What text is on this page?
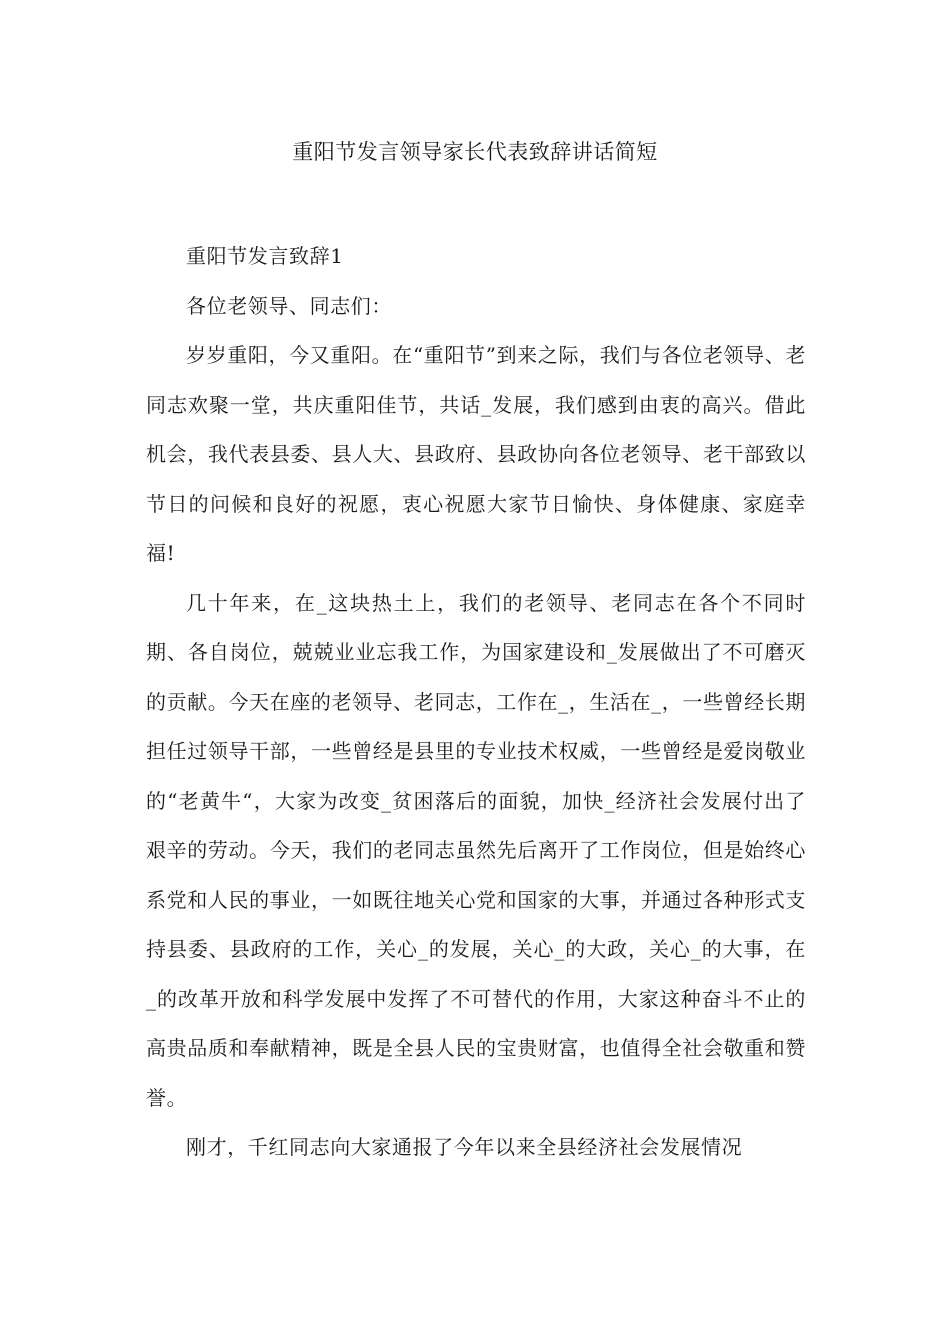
重阳节发言领导家长代表致辞讲话简短

重阳节发言致辞1

各位老领导、同志们：

岁岁重阳，今又重阳。在“重阳节”到来之际，我们与各位老领导、老同志欢聚一堂，共庆重阳佳节，共话_发展，我们感到由衷的高兴。借此机会，我代表县委、县人大、县政府、县政协向各位老领导、老干部致以节日的问候和良好的祝愿，衷心祝愿大家节日愉快、身体健康、家庭幸福!

几十年来，在_这块热土上，我们的老领导、老同志在各个不同时期、各自岗位，兢兢业业忘我工作，为国家建设和_发展做出了不可磨灭的贡献。今天在座的老领导、老同志，工作在_，生活在_，一些曾经长期担任过领导干部，一些曾经是县里的专业技术权威，一些曾经是爱岗敬业的“老黄牛“，大家为改变_贫困落后的面貌，加快_经济社会发展付出了艰辛的劳动。今天，我们的老同志虽然先后离开了工作岗位，但是始终心系党和人民的事业，一如既往地关心党和国家的大事，并通过各种形式支持县委、县政府的工作，关心_的发展，关心_的大政，关心_的大事，在_的改革开放和科学发展中发挥了不可替代的作用，大家这种奋斗不止的高贵品质和奉献精神，既是全县人民的宝贵财富，也值得全社会敬重和赞誉。

刚才，千红同志向大家通报了今年以来全县经济社会发展情况
